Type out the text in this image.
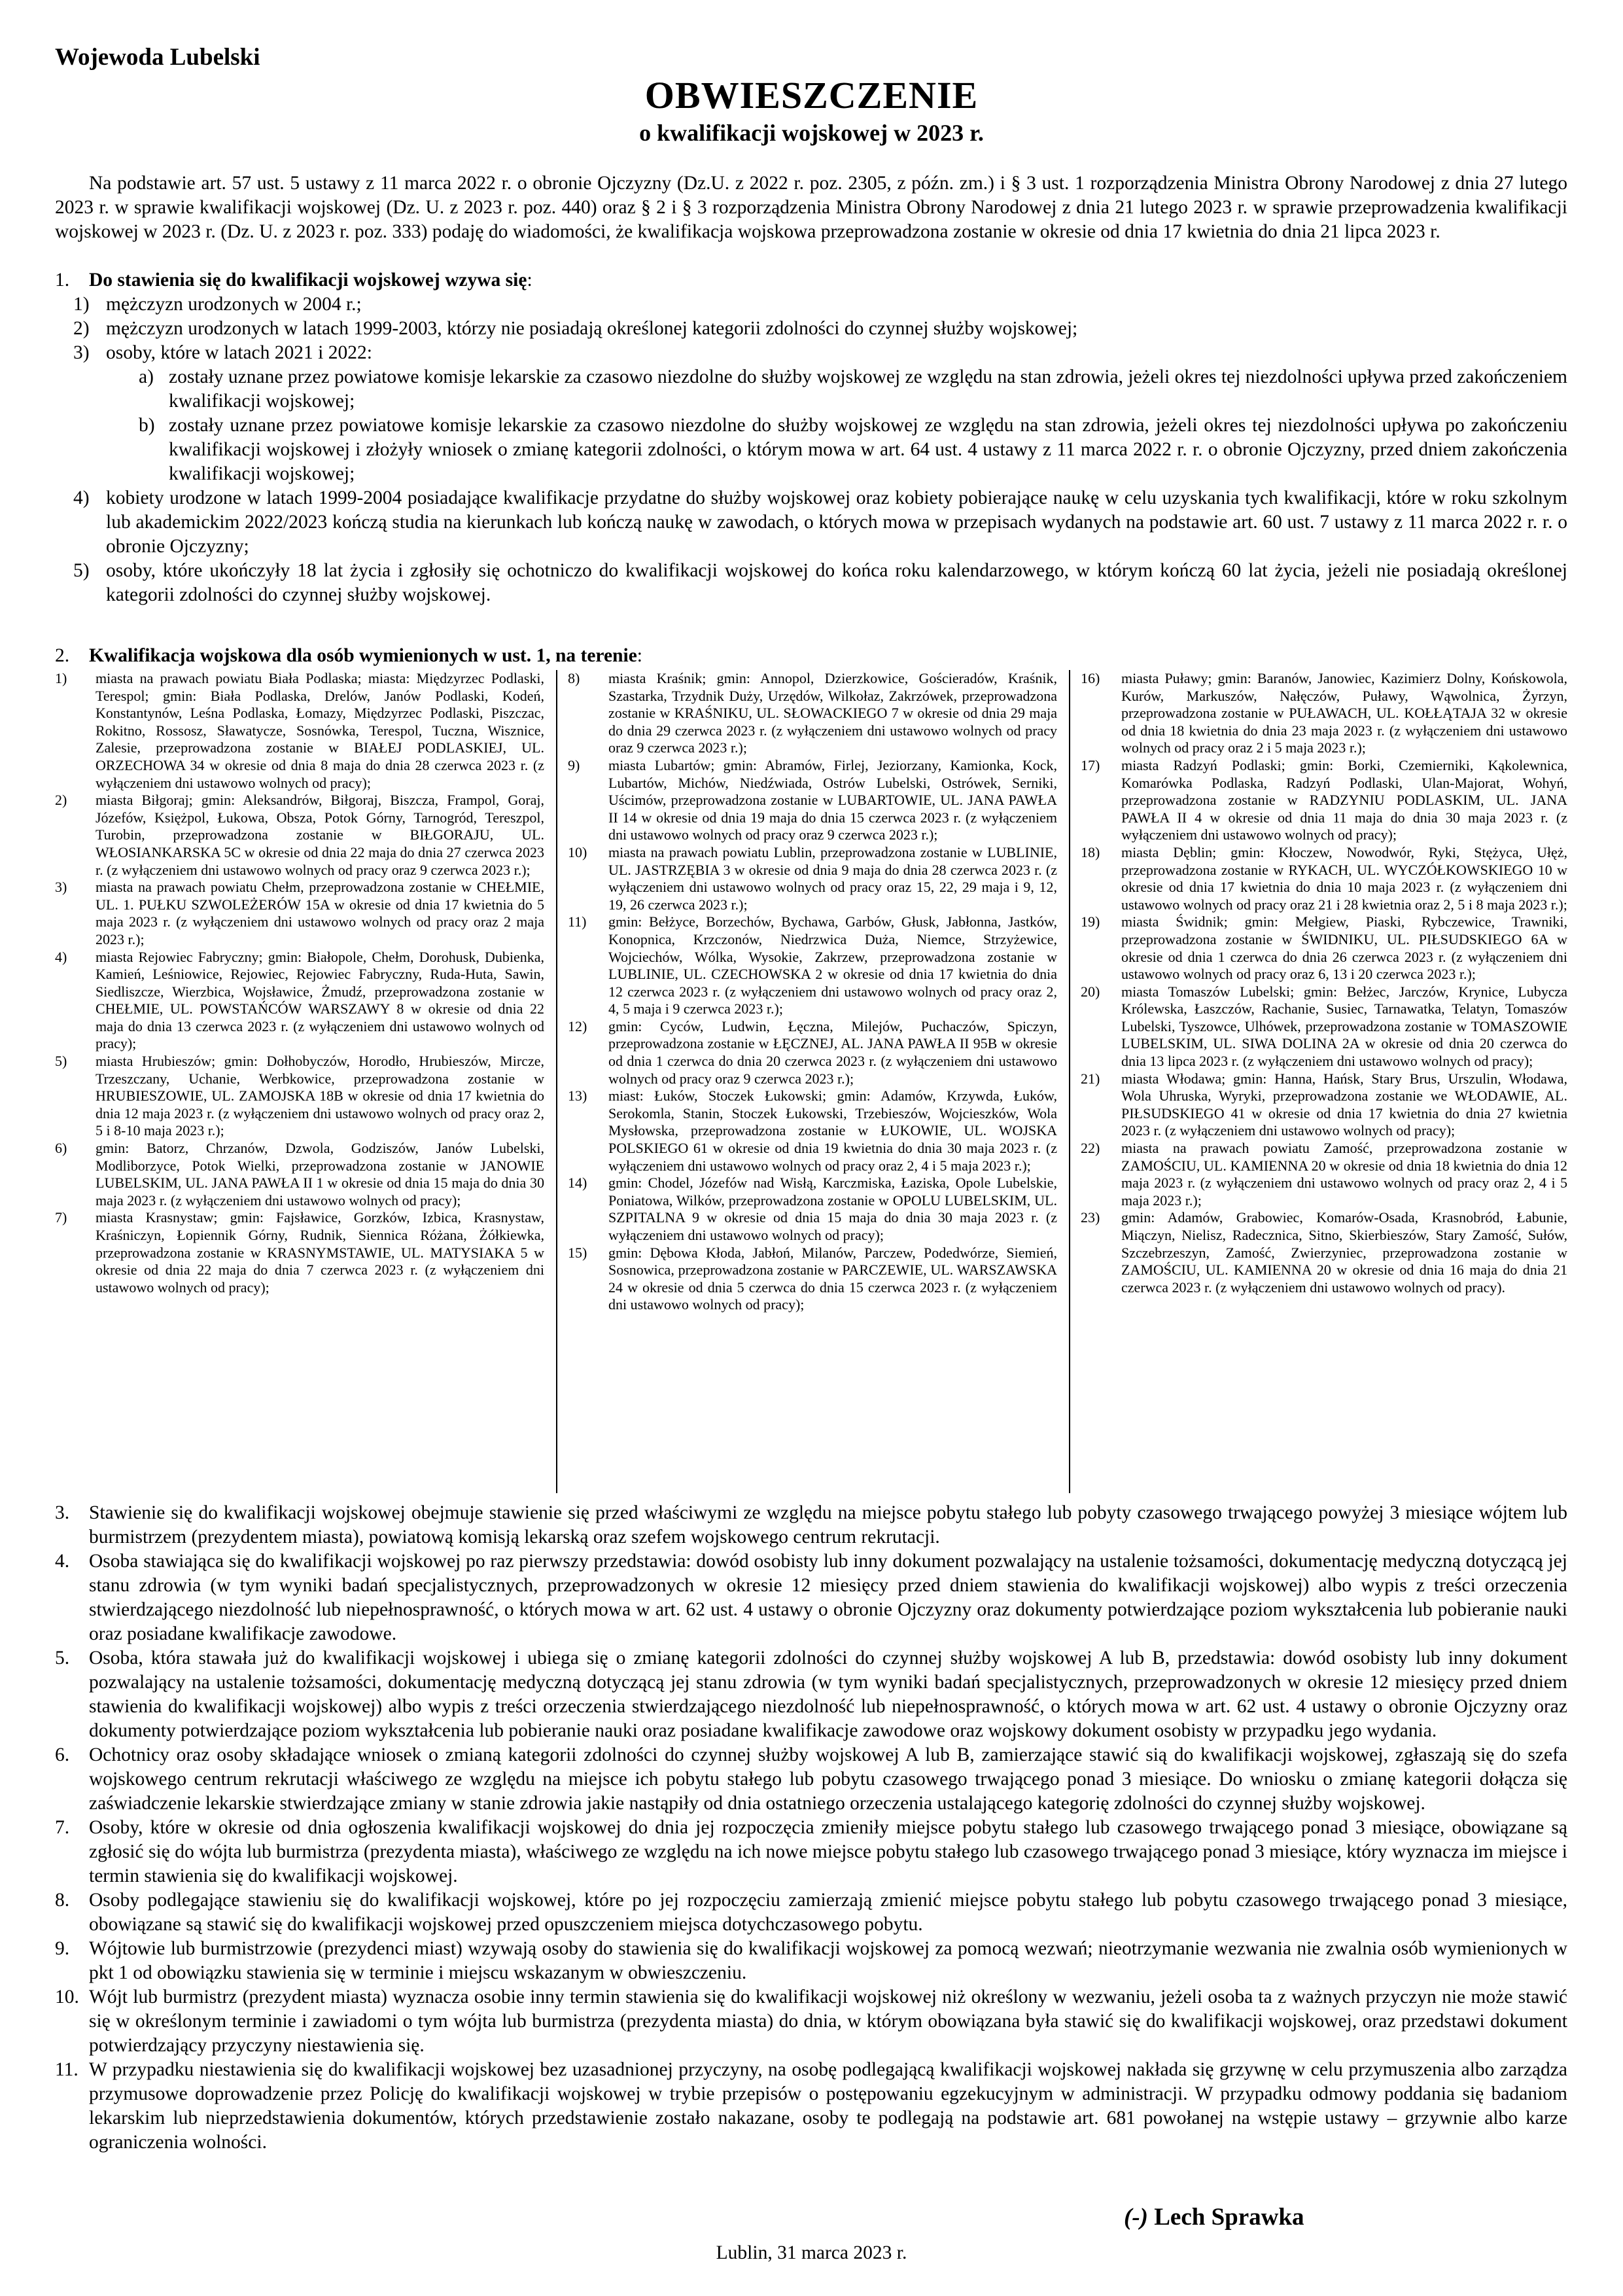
Wojewoda Lubelski
OBWIESZCZENIE
o kwalifikacji wojskowej w 2023 r.
Na podstawie art. 57 ust. 5 ustawy z 11 marca 2022 r. o obronie Ojczyzny (Dz.U. z 2022 r. poz. 2305, z późn. zm.) i § 3 ust. 1 rozporządzenia Ministra Obrony Narodowej z dnia 27 lutego 2023 r. w sprawie kwalifikacji wojskowej (Dz. U. z 2023 r. poz. 440) oraz § 2 i § 3 rozporządzenia Ministra Obrony Narodowej z dnia 21 lutego 2023 r. w sprawie przeprowadzenia kwalifikacji wojskowej w 2023 r. (Dz. U. z 2023 r. poz. 333) podaję do wiadomości, że kwalifikacja wojskowa przeprowadzona zostanie w okresie od dnia 17 kwietnia do dnia 21 lipca 2023 r.
1.	Do stawienia się do kwalifikacji wojskowej wzywa się:
1) mężczyzn urodzonych w 2004 r.;
2) mężczyzn urodzonych w latach 1999-2003, którzy nie posiadają określonej kategorii zdolności do czynnej służby wojskowej;
3) osoby, które w latach 2021 i 2022:
a) zostały uznane przez powiatowe komisje lekarskie za czasowo niezdolne do służby wojskowej ze względu na stan zdrowia, jeżeli okres tej niezdolności upływa przed zakończeniem kwalifikacji wojskowej;
b) zostały uznane przez powiatowe komisje lekarskie za czasowo niezdolne do służby wojskowej ze względu na stan zdrowia, jeżeli okres tej niezdolności upływa po zakończeniu kwalifikacji wojskowej i złożyły wniosek o zmianę kategorii zdolności, o którym mowa w art. 64 ust. 4 ustawy z 11 marca 2022 r. r. o obronie Ojczyzny, przed dniem zakończenia kwalifikacji wojskowej;
4) kobiety urodzone w latach 1999-2004 posiadające kwalifikacje przydatne do służby wojskowej oraz kobiety pobierające naukę w celu uzyskania tych kwalifikacji, które w roku szkolnym lub akademickim 2022/2023 kończą studia na kierunkach lub kończą naukę w zawodach, o których mowa w przepisach wydanych na podstawie art. 60 ust. 7 ustawy z 11 marca 2022 r. r. o obronie Ojczyzny;
5) osoby, które ukończyły 18 lat życia i zgłosiły się ochotniczo do kwalifikacji wojskowej do końca roku kalendarzowego, w którym kończą 60 lat życia, jeżeli nie posiadają określonej kategorii zdolności do czynnej służby wojskowej.
2.	Kwalifikacja wojskowa dla osób wymienionych w ust. 1, na terenie:
1) miasta na prawach powiatu Biała Podlaska; miasta: Międzyrzec Podlaski, Terespol; gmin: Biała Podlaska, Drelów, Janów Podlaski, Kodeń, Konstantynów, Leśna Podlaska, Łomazy, Międzyrzec Podlaski, Piszczac, Rokitno, Rossosz, Sławatycze, Sosnówka, Terespol, Tuczna, Wisznice, Zalesie, przeprowadzona zostanie w BIAŁEJ PODLASKIEJ, UL. ORZECHOWA 34 w okresie od dnia 8 maja do dnia 28 czerwca 2023 r. (z wyłączeniem dni ustawowo wolnych od pracy);
2) miasta Biłgoraj; gmin: Aleksandrów, Biłgoraj, Biszcza, Frampol, Goraj, Józefów, Księżpol, Łukowa, Obsza, Potok Górny, Tarnogród, Tereszpol, Turobin, przeprowadzona zostanie w BIŁGORAJU, UL. WŁOSIANKARSKA 5C w okresie od dnia 22 maja do dnia 27 czerwca 2023 r. (z wyłączeniem dni ustawowo wolnych od pracy oraz 9 czerwca 2023 r.);
3) miasta na prawach powiatu Chełm, przeprowadzona zostanie w CHEŁMIE, UL. 1. PUŁKU SZWOLEŻERÓW 15A w okresie od dnia 17 kwietnia do 5 maja 2023 r. (z wyłączeniem dni ustawowo wolnych od pracy oraz 2 maja 2023 r.);
4) miasta Rejowiec Fabryczny; gmin: Białopole, Chełm, Dorohusk, Dubienka, Kamień, Leśniowice, Rejowiec, Rejowiec Fabryczny, Ruda-Huta, Sawin, Siedliszcze, Wierzbica, Wojsławice, Żmudź, przeprowadzona zostanie w CHEŁMIE, UL. POWSTAŃCÓW WARSZAWY 8 w okresie od dnia 22 maja do dnia 13 czerwca 2023 r. (z wyłączeniem dni ustawowo wolnych od pracy);
5) miasta Hrubieszów; gmin: Dołhobyczów, Horodło, Hrubieszów, Mircze, Trzeszczany, Uchanie, Werbkowice, przeprowadzona zostanie w HRUBIESZOWIE, UL. ZAMOJSKA 18B w okresie od dnia 17 kwietnia do dnia 12 maja 2023 r. (z wyłączeniem dni ustawowo wolnych od pracy oraz 2, 5 i 8-10 maja 2023 r.);
6) gmin: Batorz, Chrzanów, Dzwola, Godziszów, Janów Lubelski, Modliborzyce, Potok Wielki, przeprowadzona zostanie w JANOWIE LUBELSKIM, UL. JANA PAWŁA II 1 w okresie od dnia 15 maja do dnia 30 maja 2023 r. (z wyłączeniem dni ustawowo wolnych od pracy);
7) miasta Krasnystaw; gmin: Fajsławice, Gorzków, Izbica, Krasnystaw, Kraśniczyn, Łopiennik Górny, Rudnik, Siennica Różana, Żółkiewka, przeprowadzona zostanie w KRASNYMSTAWIE, UL. MATYSIAKA 5 w okresie od dnia 22 maja do dnia 7 czerwca 2023 r. (z wyłączeniem dni ustawowo wolnych od pracy);
8) miasta Kraśnik; gmin: Annopol, Dzierzkowice, Gościeradów, Kraśnik, Szastarka, Trzydnik Duży, Urzędów, Wilkołaz, Zakrzówek, przeprowadzona zostanie w KRAŚNIKU, UL. SŁOWACKIEGO 7 w okresie od dnia 29 maja do dnia 29 czerwca 2023 r. (z wyłączeniem dni ustawowo wolnych od pracy oraz 9 czerwca 2023 r.);
9) miasta Lubartów; gmin: Abramów, Firlej, Jeziorzany, Kamionka, Kock, Lubartów, Michów, Niedźwiada, Ostrów Lubelski, Ostrówek, Serniki, Uścimów, przeprowadzona zostanie w LUBARTOWIE, UL. JANA PAWŁA II 14 w okresie od dnia 19 maja do dnia 15 czerwca 2023 r. (z wyłączeniem dni ustawowo wolnych od pracy oraz 9 czerwca 2023 r.);
10) miasta na prawach powiatu Lublin, przeprowadzona zostanie w LUBLINIE, UL. JASTRZĘBIA 3 w okresie od dnia 9 maja do dnia 28 czerwca 2023 r. (z wyłączeniem dni ustawowo wolnych od pracy oraz 15, 22, 29 maja i 9, 12, 19, 26 czerwca 2023 r.);
11) gmin: Bełżyce, Borzechów, Bychawa, Garbów, Głusk, Jabłonna, Jastków, Konopnica, Krzczonów, Niedrzwica Duża, Niemce, Strzyżewice, Wojciechów, Wólka, Wysokie, Zakrzew, przeprowadzona zostanie w LUBLINIE, UL. CZECHOWSKA 2 w okresie od dnia 17 kwietnia do dnia 12 czerwca 2023 r. (z wyłączeniem dni ustawowo wolnych od pracy oraz 2, 4, 5 maja i 9 czerwca 2023 r.);
12) gmin: Cyców, Ludwin, Łęczna, Milejów, Puchaczów, Spiczyn, przeprowadzona zostanie w ŁĘCZNEJ, AL. JANA PAWŁA II 95B w okresie od dnia 1 czerwca do dnia 20 czerwca 2023 r. (z wyłączeniem dni ustawowo wolnych od pracy oraz 9 czerwca 2023 r.);
13) miast: Łuków, Stoczek Łukowski; gmin: Adamów, Krzywda, Łuków, Serokomla, Stanin, Stoczek Łukowski, Trzebieszów, Wojcieszków, Wola Mysłowska, przeprowadzona zostanie w ŁUKOWIE, UL. WOJSKA POLSKIEGO 61 w okresie od dnia 19 kwietnia do dnia 30 maja 2023 r. (z wyłączeniem dni ustawowo wolnych od pracy oraz 2, 4 i 5 maja 2023 r.);
14) gmin: Chodel, Józefów nad Wisłą, Karczmiska, Łaziska, Opole Lubelskie, Poniatowa, Wilków, przeprowadzona zostanie w OPOLU LUBELSKIM, UL. SZPITALNA 9 w okresie od dnia 15 maja do dnia 30 maja 2023 r. (z wyłączeniem dni ustawowo wolnych od pracy);
15) gmin: Dębowa Kłoda, Jabłoń, Milanów, Parczew, Podedwórze, Siemień, Sosnowica, przeprowadzona zostanie w PARCZEWIE, UL. WARSZAWSKA 24 w okresie od dnia 5 czerwca do dnia 15 czerwca 2023 r. (z wyłączeniem dni ustawowo wolnych od pracy);
16) miasta Puławy; gmin: Baranów, Janowiec, Kazimierz Dolny, Końskowola, Kurów, Markuszów, Nałęczów, Puławy, Wąwolnica, Żyrzyn, przeprowadzona zostanie w PUŁAWACH, UL. KOŁŁĄTAJA 32 w okresie od dnia 18 kwietnia do dnia 23 maja 2023 r. (z wyłączeniem dni ustawowo wolnych od pracy oraz 2 i 5 maja 2023 r.);
17) miasta Radzyń Podlaski; gmin: Borki, Czemierniki, Kąkolewnica, Komarówka Podlaska, Radzyń Podlaski, Ulan-Majorat, Wohyń, przeprowadzona zostanie w RADZYNIU PODLASKIM, UL. JANA PAWŁA II 4 w okresie od dnia 11 maja do dnia 30 maja 2023 r. (z wyłączeniem dni ustawowo wolnych od pracy);
18) miasta Dęblin; gmin: Kłoczew, Nowodwór, Ryki, Stężyca, Ułęż, przeprowadzona zostanie w RYKACH, UL. WYCZÓŁKOWSKIEGO 10 w okresie od dnia 17 kwietnia do dnia 10 maja 2023 r. (z wyłączeniem dni ustawowo wolnych od pracy oraz 21 i 28 kwietnia oraz 2, 5 i 8 maja 2023 r.);
19) miasta Świdnik; gmin: Mełgiew, Piaski, Rybczewice, Trawniki, przeprowadzona zostanie w ŚWIDNIKU, UL. PIŁSUDSKIEGO 6A w okresie od dnia 1 czerwca do dnia 26 czerwca 2023 r. (z wyłączeniem dni ustawowo wolnych od pracy oraz 6, 13 i 20 czerwca 2023 r.);
20) miasta Tomaszów Lubelski; gmin: Bełżec, Jarczów, Krynice, Lubycza Królewska, Łaszczów, Rachanie, Susiec, Tarnawatka, Telatyn, Tomaszów Lubelski, Tyszowce, Ulhówek, przeprowadzona zostanie w TOMASZOWIE LUBELSKIM, UL. SIWA DOLINA 2A w okresie od dnia 20 czerwca do dnia 13 lipca 2023 r. (z wyłączeniem dni ustawowo wolnych od pracy);
21) miasta Włodawa; gmin: Hanna, Hańsk, Stary Brus, Urszulin, Włodawa, Wola Uhruska, Wyryki, przeprowadzona zostanie we WŁODAWIE, AL. PIŁSUDSKIEGO 41 w okresie od dnia 17 kwietnia do dnia 27 kwietnia 2023 r. (z wyłączeniem dni ustawowo wolnych od pracy);
22) miasta na prawach powiatu Zamość, przeprowadzona zostanie w ZAMOŚCIU, UL. KAMIENNA 20 w okresie od dnia 18 kwietnia do dnia 12 maja 2023 r. (z wyłączeniem dni ustawowo wolnych od pracy oraz 2, 4 i 5 maja 2023 r.);
23) gmin: Adamów, Grabowiec, Komarów-Osada, Krasnobród, Łabunie, Miączyn, Nielisz, Radecznica, Sitno, Skierbieszów, Stary Zamość, Sułów, Szczebrzeszyn, Zamość, Zwierzyniec, przeprowadzona zostanie w ZAMOŚCIU, UL. KAMIENNA 20 w okresie od dnia 16 maja do dnia 21 czerwca 2023 r. (z wyłączeniem dni ustawowo wolnych od pracy).
3.	Stawienie się do kwalifikacji wojskowej obejmuje stawienie się przed właściwymi ze względu na miejsce pobytu stałego lub pobyty czasowego trwającego powyżej 3 miesiące wójtem lub burmistrzem (prezydentem miasta), powiatową komisją lekarską oraz szefem wojskowego centrum rekrutacji.
4.	Osoba stawiająca się do kwalifikacji wojskowej po raz pierwszy przedstawia: dowód osobisty lub inny dokument pozwalający na ustalenie tożsamości, dokumentację medyczną dotyczącą jej stanu zdrowia (w tym wyniki badań specjalistycznych, przeprowadzonych w okresie 12 miesięcy przed dniem stawienia do kwalifikacji wojskowej) albo wypis z treści orzeczenia stwierdzającego niezdolność lub niepełnosprawność, o których mowa w art. 62 ust. 4 ustawy o obronie Ojczyzny oraz dokumenty potwierdzające poziom wykształcenia lub pobieranie nauki oraz posiadane kwalifikacje zawodowe.
5.	Osoba, która stawała już do kwalifikacji wojskowej i ubiega się o zmianę kategorii zdolności do czynnej służby wojskowej A lub B, przedstawia: dowód osobisty lub inny dokument pozwalający na ustalenie tożsamości, dokumentację medyczną dotyczącą jej stanu zdrowia (w tym wyniki badań specjalistycznych, przeprowadzonych w okresie 12 miesięcy przed dniem stawienia do kwalifikacji wojskowej) albo wypis z treści orzeczenia stwierdzającego niezdolność lub niepełnosprawność, o których mowa w art. 62 ust. 4 ustawy o obronie Ojczyzny oraz dokumenty potwierdzające poziom wykształcenia lub pobieranie nauki oraz posiadane kwalifikacje zawodowe oraz wojskowy dokument osobisty w przypadku jego wydania.
6.	Ochotnicy oraz osoby składające wniosek o zmianą kategorii zdolności do czynnej służby wojskowej A lub B, zamierzające stawić sią do kwalifikacji wojskowej, zgłaszają się do szefa wojskowego centrum rekrutacji właściwego ze względu na miejsce ich pobytu stałego lub pobytu czasowego trwającego ponad 3 miesiące. Do wniosku o zmianę kategorii dołącza się zaświadczenie lekarskie stwierdzające zmiany w stanie zdrowia jakie nastąpiły od dnia ostatniego orzeczenia ustalającego kategorię zdolności do czynnej służby wojskowej.
7.	Osoby, które w okresie od dnia ogłoszenia kwalifikacji wojskowej do dnia jej rozpoczęcia zmieniły miejsce pobytu stałego lub czasowego trwającego ponad 3 miesiące, obowiązane są zgłosić się do wójta lub burmistrza (prezydenta miasta), właściwego ze względu na ich nowe miejsce pobytu stałego lub czasowego trwającego ponad 3 miesiące, który wyznacza im miejsce i termin stawienia się do kwalifikacji wojskowej.
8.	Osoby podlegające stawieniu się do kwalifikacji wojskowej, które po jej rozpoczęciu zamierzają zmienić miejsce pobytu stałego lub pobytu czasowego trwającego ponad 3 miesiące, obowiązane są stawić się do kwalifikacji wojskowej przed opuszczeniem miejsca dotychczasowego pobytu.
9.	Wójtowie lub burmistrzowie (prezydenci miast) wzywają osoby do stawienia się do kwalifikacji wojskowej za pomocą wezwań; nieotrzymanie wezwania nie zwalnia osób wymienionych w pkt 1 od obowiązku stawienia się w terminie i miejscu wskazanym w obwieszczeniu.
10. Wójt lub burmistrz (prezydent miasta) wyznacza osobie inny termin stawienia się do kwalifikacji wojskowej niż określony w wezwaniu, jeżeli osoba ta z ważnych przyczyn nie może stawić się w określonym terminie i zawiadomi o tym wójta lub burmistrza (prezydenta miasta) do dnia, w którym obowiązana była stawić się do kwalifikacji wojskowej, oraz przedstawi dokument potwierdzający przyczyny niestawienia się.
11. W przypadku niestawienia się do kwalifikacji wojskowej bez uzasadnionej przyczyny, na osobę podlegającą kwalifikacji wojskowej nakłada się grzywnę w celu przymuszenia albo zarządza przymusowe doprowadzenie przez Policję do kwalifikacji wojskowej w trybie przepisów o postępowaniu egzekucyjnym w administracji. W przypadku odmowy poddania się badaniom lekarskim lub nieprzedstawienia dokumentów, których przedstawienie zostało nakazane, osoby te podlegają na podstawie art. 681 powołanej na wstępie ustawy – grzywnie albo karze ograniczenia wolności.
(-) Lech Sprawka
Lublin, 31 marca 2023 r.
